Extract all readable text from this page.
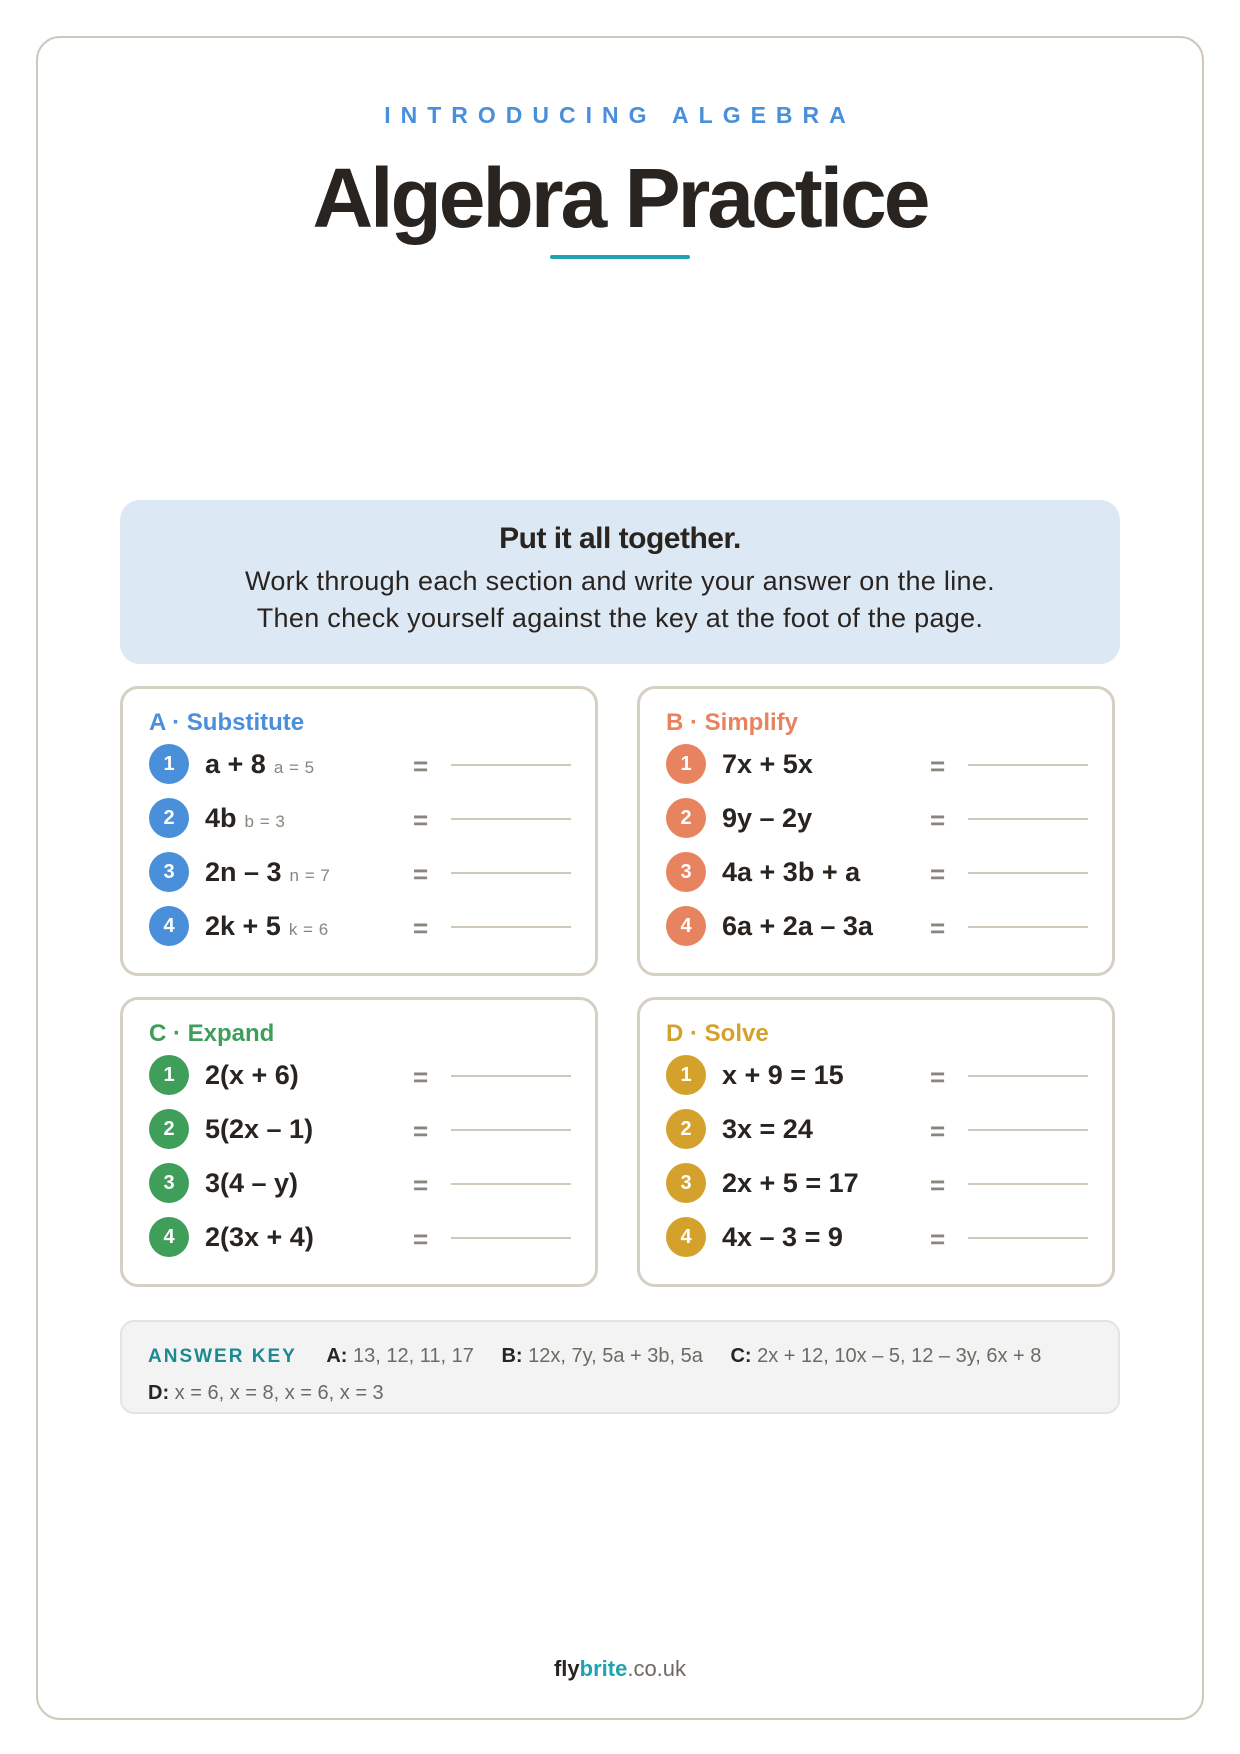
INTRODUCING ALGEBRA
Algebra Practice
Put it all together.
Work through each section and write your answer on the line.
Then check yourself against the key at the foot of the page.
A · Substitute
1	a + 8 a = 5	=
2	4b b = 3	=
3	2n – 3 n = 7	=
4	2k + 5 k = 6	=
B · Simplify
1	7x + 5x	=
2	9y – 2y	=
3	4a + 3b + a	=
4	6a + 2a – 3a =
C · Expand
1	2(x + 6)	=
2	5(2x – 1)	=
3	3(4 – y)	=
4	2(3x + 4)	=
D · Solve
1	x + 9 = 15	=
2	3x = 24	=
3	2x + 5 = 17	=
4	4x – 3 = 9	=
ANSWER KEY A: 13, 12, 11, 17 B: 12x, 7y, 5a + 3b, 5a C: 2x + 12, 10x – 5, 12 – 3y, 6x + 8
D: x = 6, x = 8, x = 6, x = 3
flybrite.co.uk
